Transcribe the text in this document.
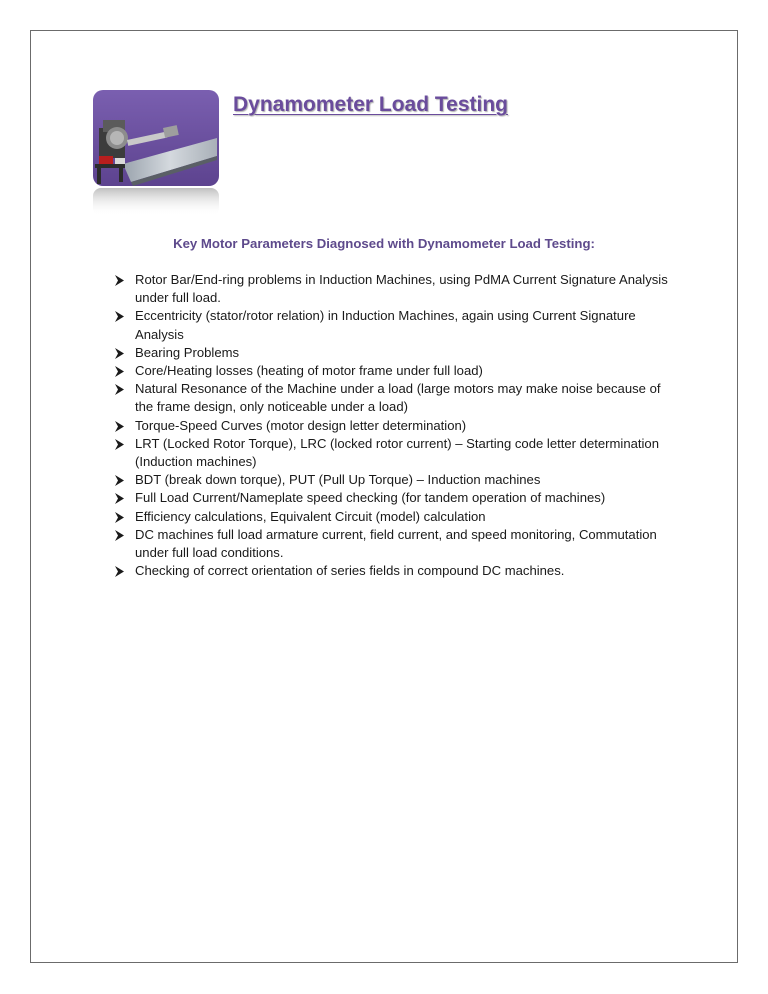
Dynamometer Load Testing
Key Motor Parameters Diagnosed with Dynamometer Load Testing:
Rotor Bar/End-ring problems in Induction Machines, using PdMA Current Signature Analysis under full load.
Eccentricity (stator/rotor relation) in Induction Machines, again using Current Signature Analysis
Bearing Problems
Core/Heating losses (heating of motor frame under full load)
Natural Resonance of the Machine under a load (large motors may make noise because of the frame design, only noticeable under a load)
Torque-Speed Curves (motor design letter determination)
LRT (Locked Rotor Torque), LRC (locked rotor current) – Starting code letter determination (Induction machines)
BDT (break down torque), PUT (Pull Up Torque) – Induction machines
Full Load Current/Nameplate speed checking (for tandem operation of machines)
Efficiency calculations, Equivalent Circuit (model) calculation
DC machines full load armature current, field current, and speed monitoring, Commutation under full load conditions.
Checking of correct orientation of series fields in compound DC machines.
